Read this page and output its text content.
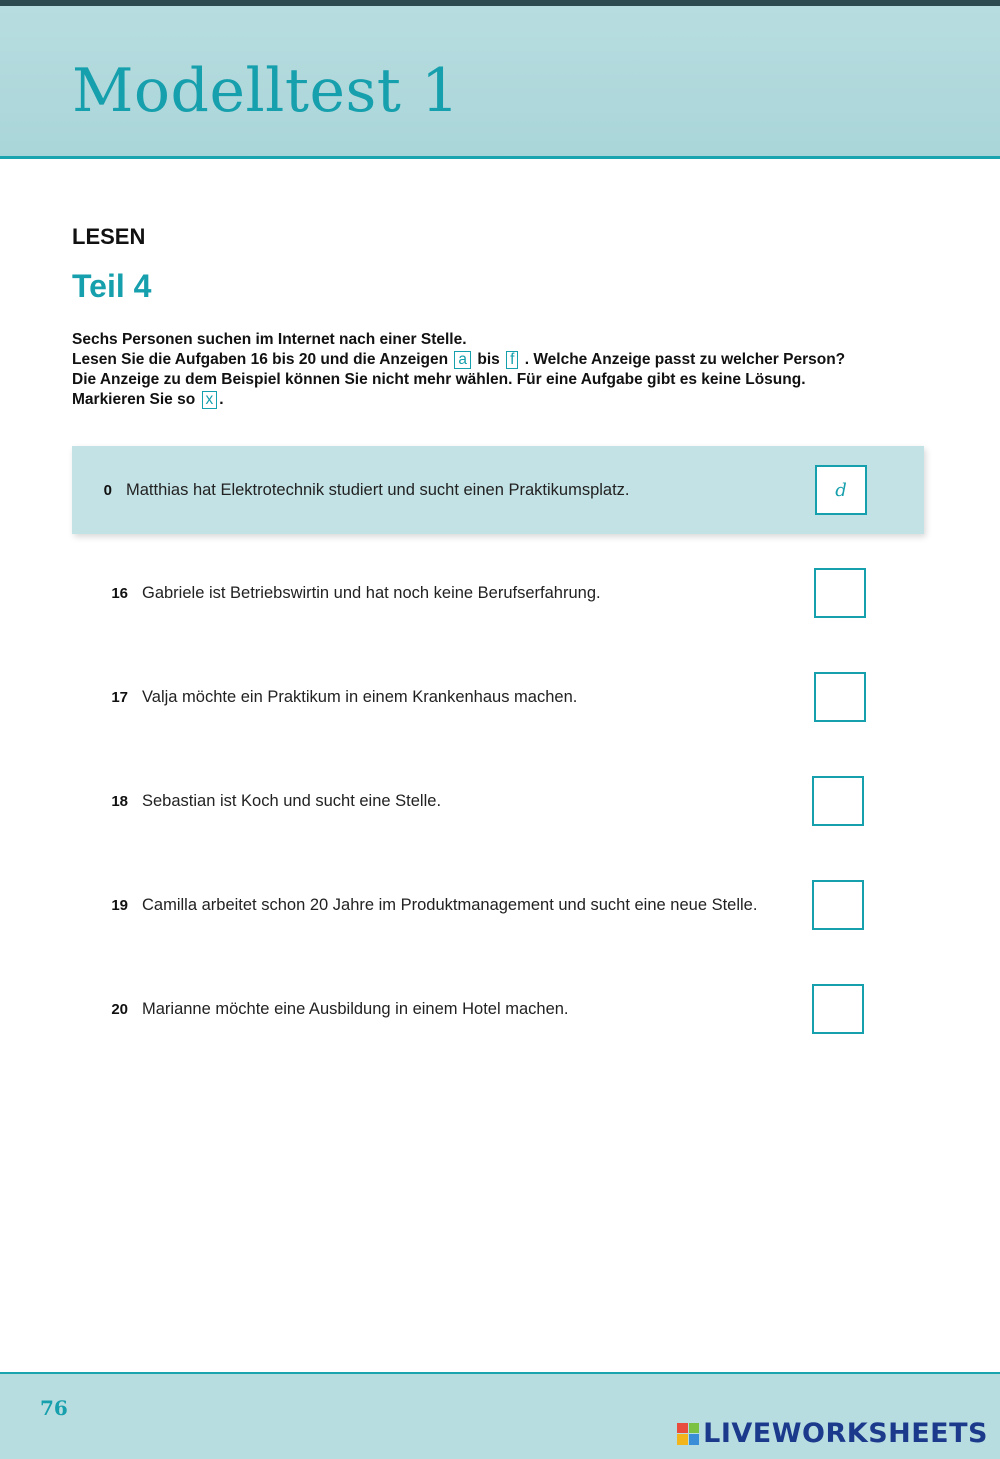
Modelltest 1
LESEN
Teil 4

Sechs Personen suchen im Internet nach einer Stelle.

Lesen Sie die Aufgaben 16 bis 20 und die Anzeigen a bis f . Welche Anzeige passt zu welcher Person?

Die Anzeige zu dem Beispiel können Sie nicht mehr wählen. Für eine Aufgabe gibt es keine Lösung.

Markieren Sie so x .

0 Matthias hat Elektrotechnik studiert und sucht einen Praktikumsplatz.	d
16 Gabriele ist Betriebswirtin und hat noch keine Berufserfahrung.
17 Valja möchte ein Praktikum in einem Krankenhaus machen.
18 Sebastian ist Koch und sucht eine Stelle.
19 Camilla arbeitet schon 20 Jahre im Produktmanagement und sucht eine neue Stelle.
20 Marianne möchte eine Ausbildung in einem Hotel machen.
76
LIVEWORKSHEETS
